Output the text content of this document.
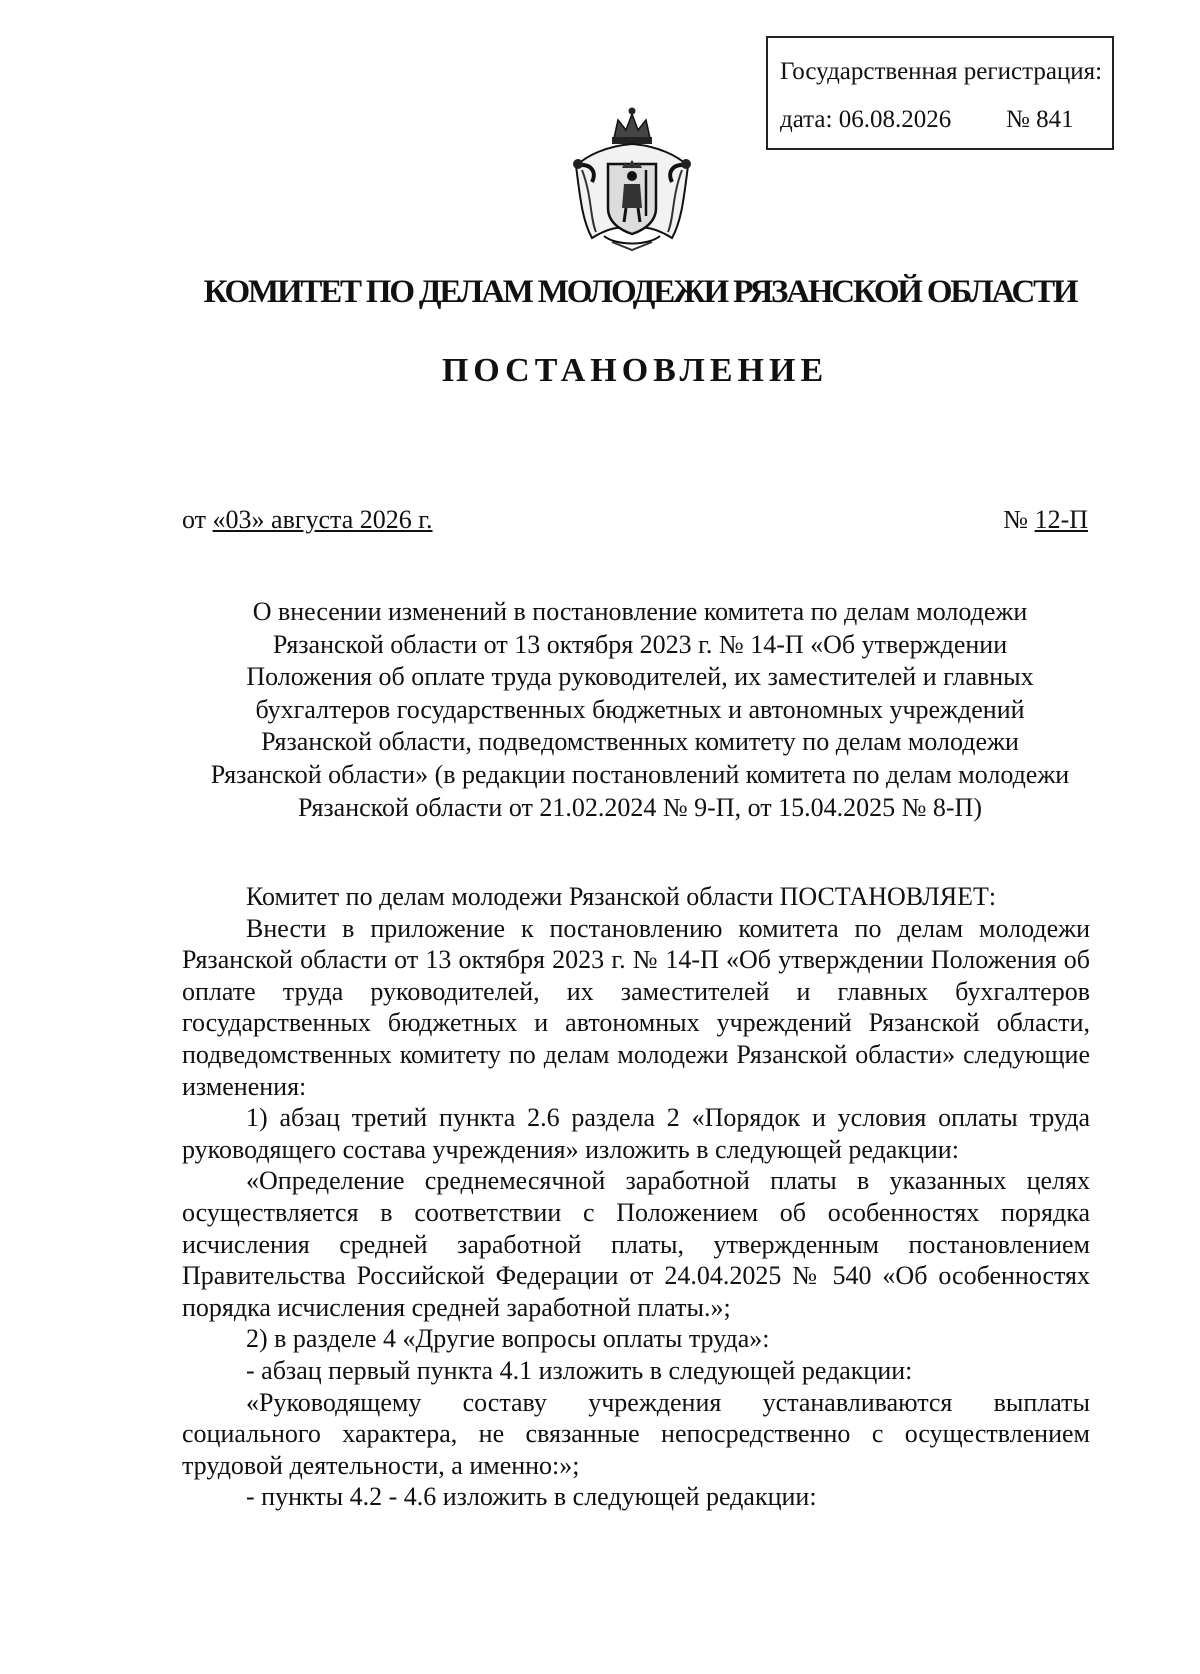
Государственная регистрация:
дата: 06.08.2026 № 841
КОМИТЕТ ПО ДЕЛАМ МОЛОДЕЖИ РЯЗАНСКОЙ ОБЛАСТИ
ПОСТАНОВЛЕНИЕ
от «03» августа 2026 г.	№ 12-П
О внесении изменений в постановление комитета по делам молодежи
Рязанской области от 13 октября 2023 г. № 14-П «Об утверждении
Положения об оплате труда руководителей, их заместителей и главных
бухгалтеров государственных бюджетных и автономных учреждений
Рязанской области, подведомственных комитету по делам молодежи
Рязанской области» (в редакции постановлений комитета по делам молодежи
Рязанской области от 21.02.2024 № 9-П, от 15.04.2025 № 8-П)

Комитет по делам молодежи Рязанской области ПОСТАНОВЛЯЕТ:

Внести в приложение к постановлению комитета по делам молодежи Рязанской области от 13 октября 2023 г. № 14-П «Об утверждении Положения об оплате труда руководителей, их заместителей и главных бухгалтеров государственных бюджетных и автономных учреждений Рязанской области, подведомственных комитету по делам молодежи Рязанской области» следующие изменения:

1) абзац третий пункта 2.6 раздела 2 «Порядок и условия оплаты труда руководящего состава учреждения» изложить в следующей редакции:

«Определение среднемесячной заработной платы в указанных целях осуществляется в соответствии с Положением об особенностях порядка исчисления средней заработной платы, утвержденным постановлением Правительства Российской Федерации от 24.04.2025 № 540 «Об особенностях порядка исчисления средней заработной платы.»;

2) в разделе 4 «Другие вопросы оплаты труда»:

- абзац первый пункта 4.1 изложить в следующей редакции:

«Руководящему составу учреждения устанавливаются выплаты социального характера, не связанные непосредственно с осуществлением трудовой деятельности, а именно:»;

- пункты 4.2 - 4.6 изложить в следующей редакции:
